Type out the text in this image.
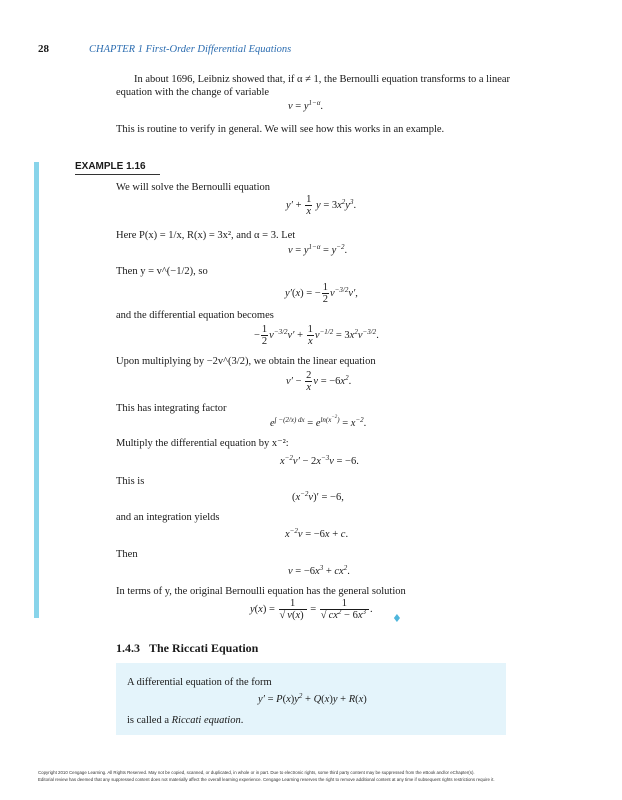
28	CHAPTER 1 First-Order Differential Equations
In about 1696, Leibniz showed that, if α ≠ 1, the Bernoulli equation transforms to a linear
equation with the change of variable
$v = y^{1-\alpha}$.
This is routine to verify in general. We will see how this works in an example.
EXAMPLE 1.16
We will solve the Bernoulli equation
$y' + \frac{1}{x}$ $y = 3x^2y^3$.
Here P(x) = 1/x, R(x) = 3x², and α = 3. Let
$v = y^{1-\alpha} = y^{-2}$.
Then y = v^(−1/2), so
y′(x) = − $\frac{1}{2} v^{-3/2}v'$,
and the differential equation becomes
− $\frac{1}{2} v^{-3/2}v' + \frac{1}{x} v^{-1/2} = 3x^2v^{-3/2}$.
Upon multiplying by −2v^(3/2), we obtain the linear equation
$v' - \frac{2}{x}$ $v = -6x^2$.
This has integrating factor
$e^{\int -(2/x) dx} = e^{ln(x^{-2})} = x^{-2}$.
Multiply the differential equation by x⁻²:
$x^{-2}v' - 2x^{-3}v = -6$.
This is
$(x^{-2}v)' = -6$,
and an integration yields
$x^{-2}v = -6x + c$.
Then
$v = -6x^3 + cx^2$.
In terms of y, the original Bernoulli equation has the general solution
$y(x) = \frac{1}{√ v(x)} = \frac{1}{√ cx^2 - 6x^3}$ .
♦
1.4.3 The Riccati Equation
A differential equation of the form
$y' = P(x)y^2 + Q(x)y + R(x)$
is called a Riccati equation.
Copyright 2010 Cengage Learning. All Rights Reserved. May not be copied, scanned, or duplicated, in whole or in part. Due to electronic rights, some third party content may be suppressed from the eBook and/or eChapter(s).
Editorial review has deemed that any suppressed content does not materially affect the overall learning experience. Cengage Learning reserves the right to remove additional content at any time if subsequent rights restrictions require it.
